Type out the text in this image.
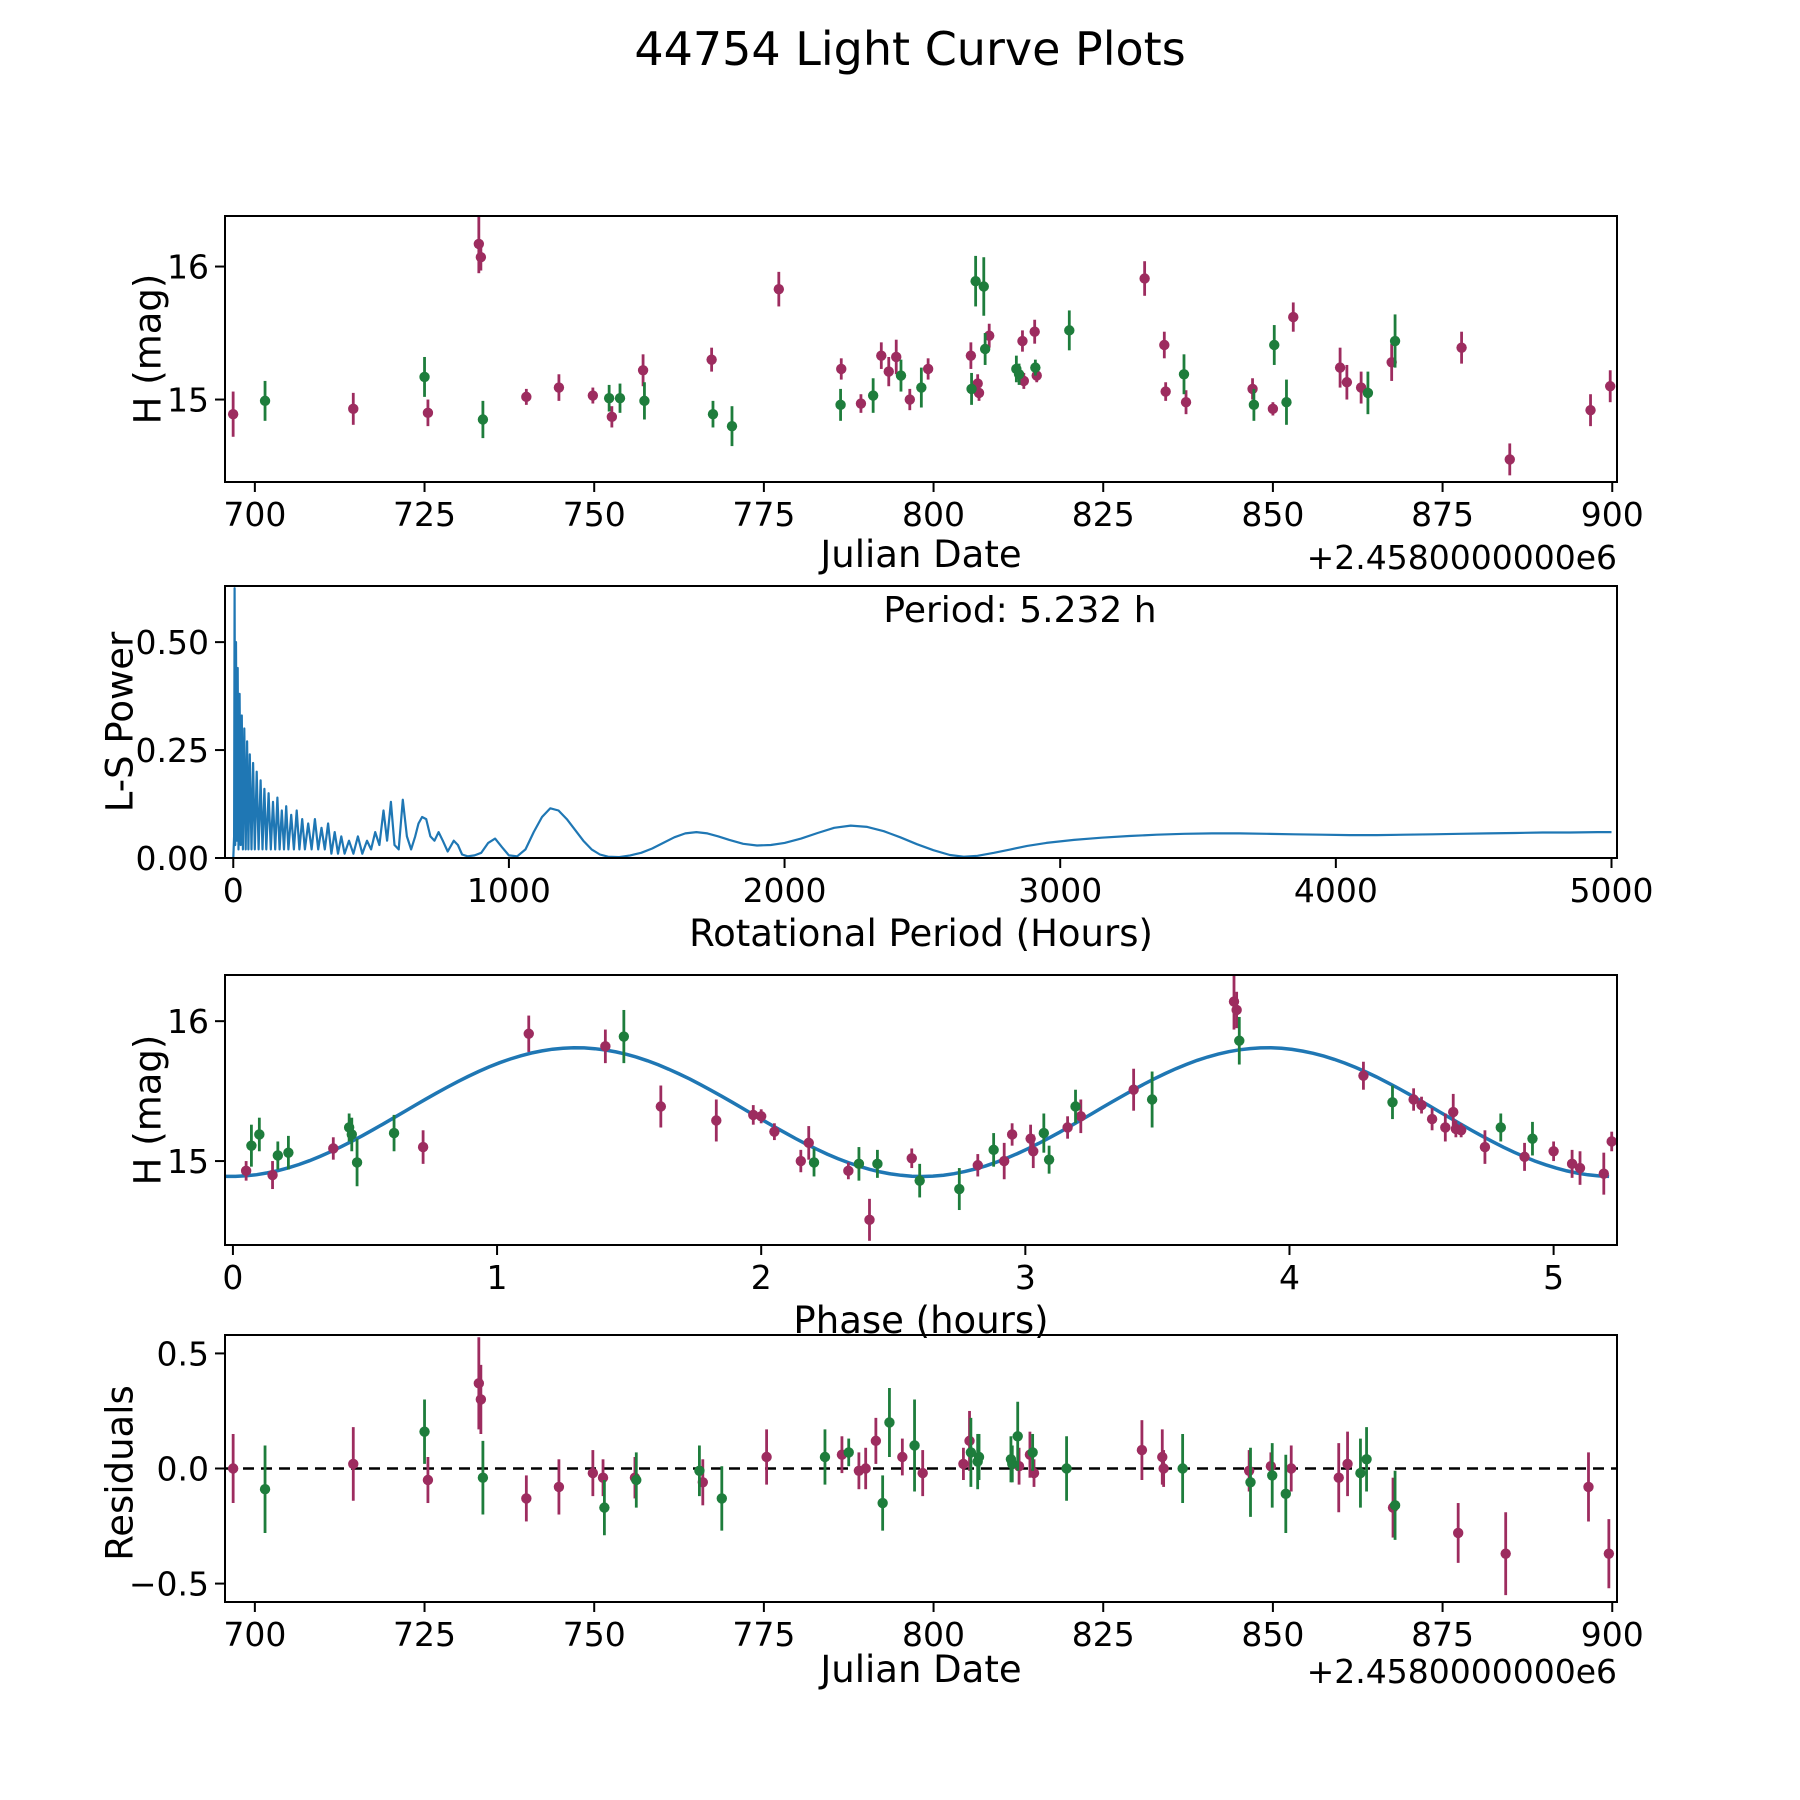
700	725	750	775	800	825	850	875	900
15
16
0	1000	2000	3000	4000	5000
0.00
0.25
0.50
0	1	2	3	4	5
15
16
700	725	750	775	800	825	850	875	900
−0.5
0.0
0.5
44754 Light Curve Plots
Julian Date	+2.4580000000e6
H (mag)
Period: 5.232 h
Rotational Period (Hours)
L-S Power
Phase (hours)
H (mag)
Julian Date	+2.4580000000e6
Residuals
